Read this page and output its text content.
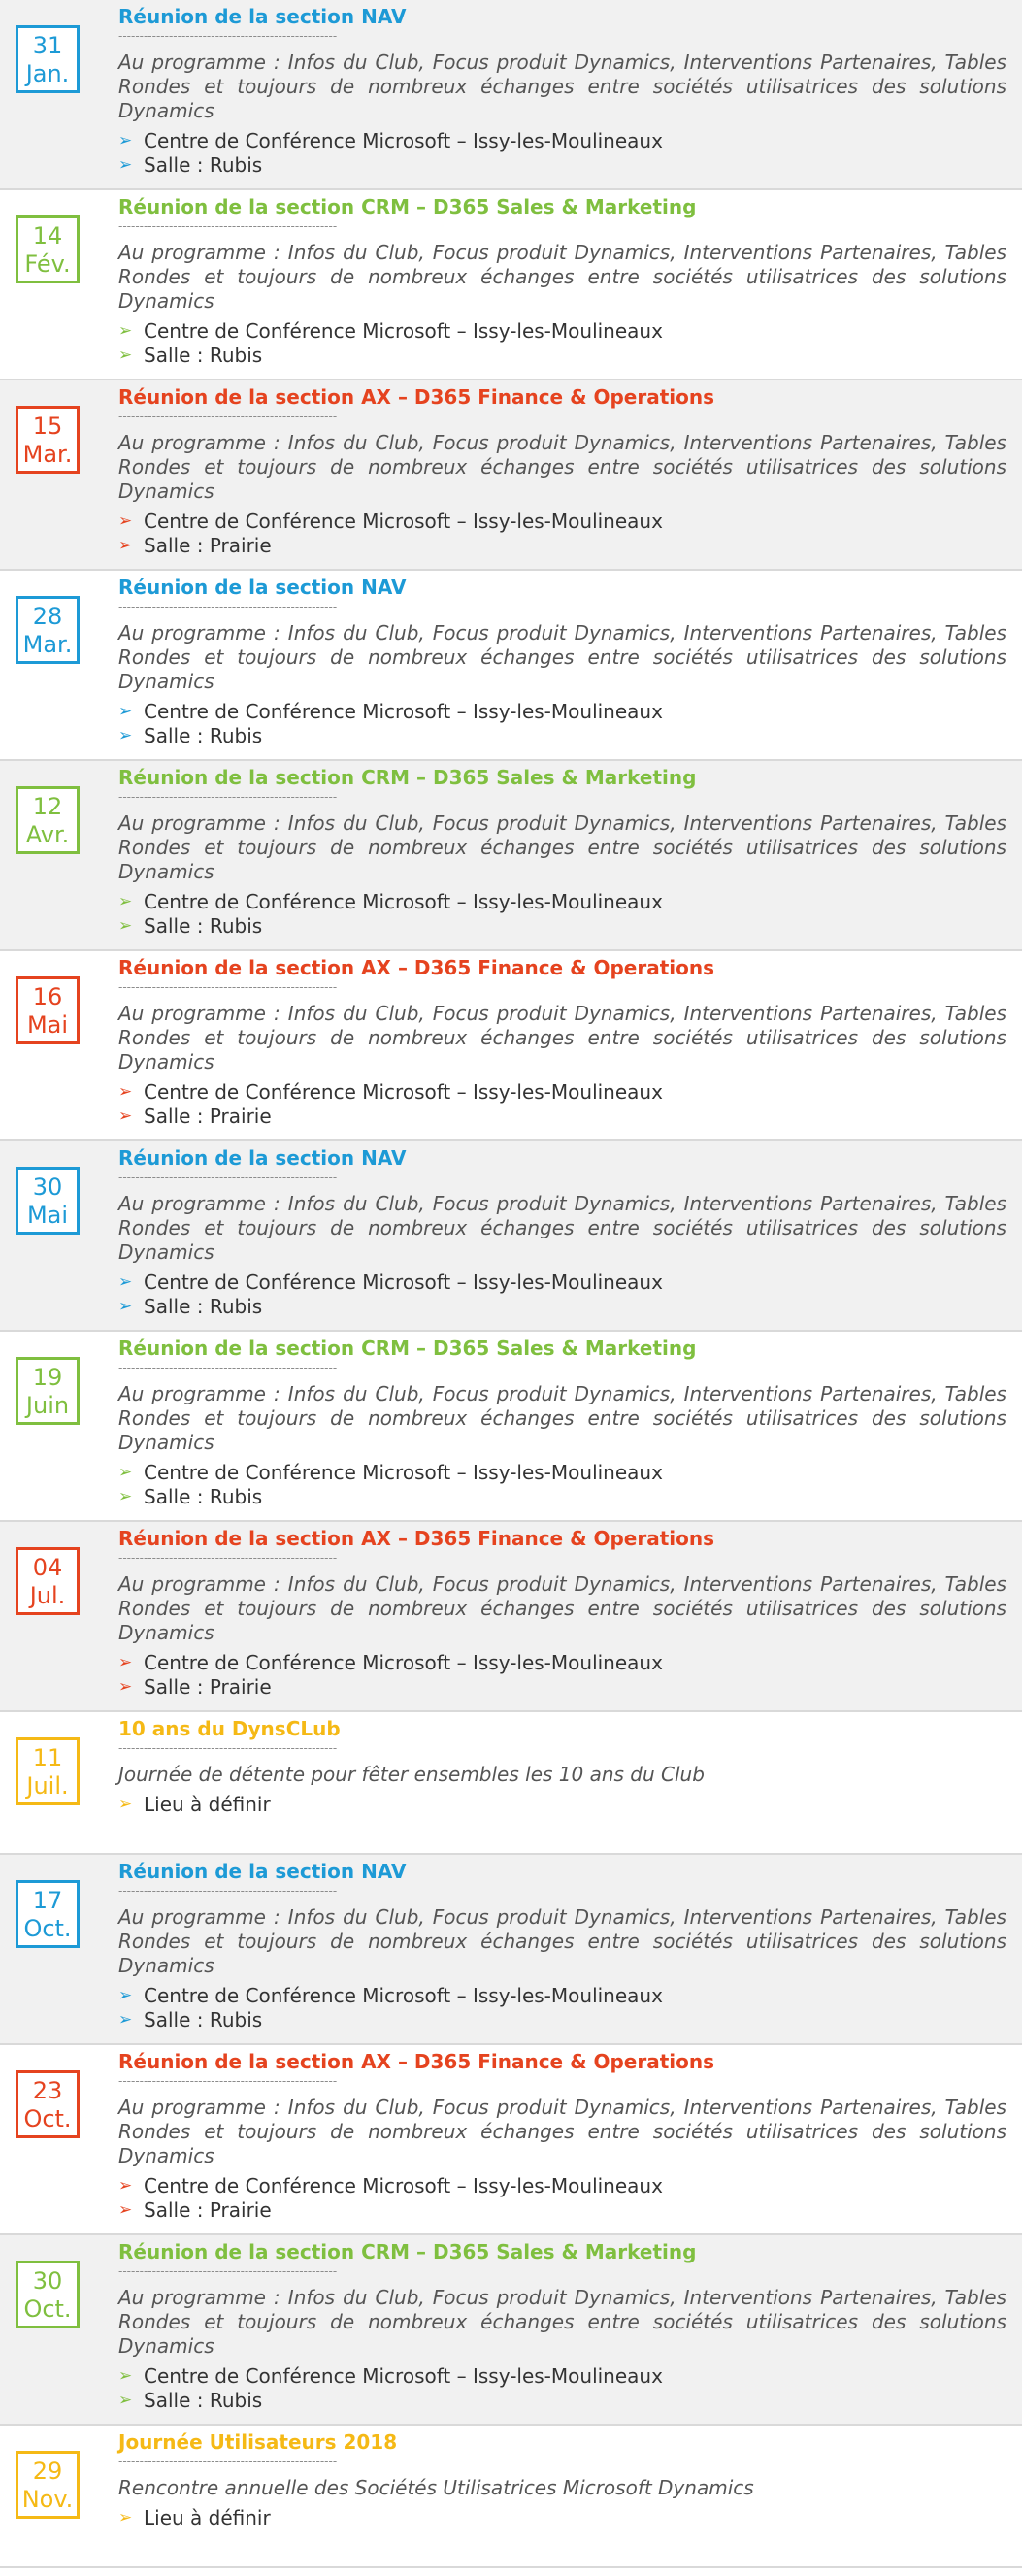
31
Jan.
Réunion de la section NAV
----------------------------------------------------
Au programme : Infos du Club, Focus produit Dynamics, Interventions Partenaires, Tables Rondes et toujours de nombreux échanges entre sociétés utilisatrices des solutions Dynamics
➢ Centre de Conférence Microsoft – Issy-les-Moulineaux
➢ Salle : Rubis
14
Fév.
Réunion de la section CRM – D365 Sales & Marketing
----------------------------------------------------
Au programme : Infos du Club, Focus produit Dynamics, Interventions Partenaires, Tables Rondes et toujours de nombreux échanges entre sociétés utilisatrices des solutions Dynamics
➢ Centre de Conférence Microsoft – Issy-les-Moulineaux
➢ Salle : Rubis
15
Mar.
Réunion de la section AX – D365 Finance & Operations
----------------------------------------------------
Au programme : Infos du Club, Focus produit Dynamics, Interventions Partenaires, Tables Rondes et toujours de nombreux échanges entre sociétés utilisatrices des solutions Dynamics
➢ Centre de Conférence Microsoft – Issy-les-Moulineaux
➢ Salle : Prairie
28
Mar.
Réunion de la section NAV
----------------------------------------------------
Au programme : Infos du Club, Focus produit Dynamics, Interventions Partenaires, Tables Rondes et toujours de nombreux échanges entre sociétés utilisatrices des solutions Dynamics
➢ Centre de Conférence Microsoft – Issy-les-Moulineaux
➢ Salle : Rubis
12
Avr.
Réunion de la section CRM – D365 Sales & Marketing
----------------------------------------------------
Au programme : Infos du Club, Focus produit Dynamics, Interventions Partenaires, Tables Rondes et toujours de nombreux échanges entre sociétés utilisatrices des solutions Dynamics
➢ Centre de Conférence Microsoft – Issy-les-Moulineaux
➢ Salle : Rubis
16
Mai
Réunion de la section AX – D365 Finance & Operations
----------------------------------------------------
Au programme : Infos du Club, Focus produit Dynamics, Interventions Partenaires, Tables Rondes et toujours de nombreux échanges entre sociétés utilisatrices des solutions Dynamics
➢ Centre de Conférence Microsoft – Issy-les-Moulineaux
➢ Salle : Prairie
30
Mai
Réunion de la section NAV
----------------------------------------------------
Au programme : Infos du Club, Focus produit Dynamics, Interventions Partenaires, Tables Rondes et toujours de nombreux échanges entre sociétés utilisatrices des solutions Dynamics
➢ Centre de Conférence Microsoft – Issy-les-Moulineaux
➢ Salle : Rubis
19
Juin
Réunion de la section CRM – D365 Sales & Marketing
----------------------------------------------------
Au programme : Infos du Club, Focus produit Dynamics, Interventions Partenaires, Tables Rondes et toujours de nombreux échanges entre sociétés utilisatrices des solutions Dynamics
➢ Centre de Conférence Microsoft – Issy-les-Moulineaux
➢ Salle : Rubis
04
Jul.
Réunion de la section AX – D365 Finance & Operations
----------------------------------------------------
Au programme : Infos du Club, Focus produit Dynamics, Interventions Partenaires, Tables Rondes et toujours de nombreux échanges entre sociétés utilisatrices des solutions Dynamics
➢ Centre de Conférence Microsoft – Issy-les-Moulineaux
➢ Salle : Prairie
11
Juil.
10 ans du DynsCLub
----------------------------------------------------
Journée de détente pour fêter ensembles les 10 ans du Club
➢ Lieu à définir
17
Oct.
Réunion de la section NAV
----------------------------------------------------
Au programme : Infos du Club, Focus produit Dynamics, Interventions Partenaires, Tables Rondes et toujours de nombreux échanges entre sociétés utilisatrices des solutions Dynamics
➢ Centre de Conférence Microsoft – Issy-les-Moulineaux
➢ Salle : Rubis
23
Oct.
Réunion de la section AX – D365 Finance & Operations
----------------------------------------------------
Au programme : Infos du Club, Focus produit Dynamics, Interventions Partenaires, Tables Rondes et toujours de nombreux échanges entre sociétés utilisatrices des solutions Dynamics
➢ Centre de Conférence Microsoft – Issy-les-Moulineaux
➢ Salle : Prairie
30
Oct.
Réunion de la section CRM – D365 Sales & Marketing
----------------------------------------------------
Au programme : Infos du Club, Focus produit Dynamics, Interventions Partenaires, Tables Rondes et toujours de nombreux échanges entre sociétés utilisatrices des solutions Dynamics
➢ Centre de Conférence Microsoft – Issy-les-Moulineaux
➢ Salle : Rubis
29
Nov.
Journée Utilisateurs 2018
----------------------------------------------------
Rencontre annuelle des Sociétés Utilisatrices Microsoft Dynamics
➢ Lieu à définir
